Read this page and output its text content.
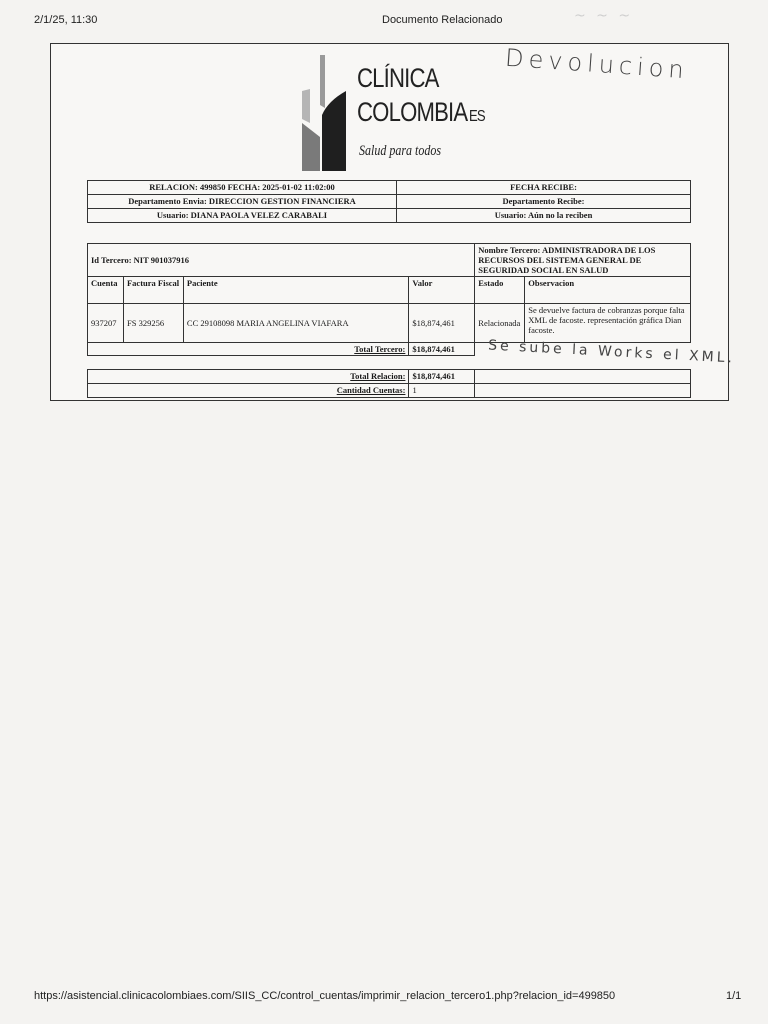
2/1/25, 11:30	Documento Relacionado	~ ~ ~
CLÍNICA
COLOMBIA ES
Salud para todos
Devolucion
RELACION: 499850 FECHA: 2025-01-02 11:02:00	FECHA RECIBE:
Departamento Envia: DIRECCION GESTION FINANCIERA	Departamento Recibe:
Usuario: DIANA PAOLA VELEZ CARABALI	Usuario: Aún no la reciben
Id Tercero: NIT 901037916				Nombre Tercero: ADMINISTRADORA DE LOS RECURSOS DEL SISTEMA GENERAL DE SEGURIDAD SOCIAL EN SALUD	
Cuenta	Factura Fiscal	Paciente	Valor	Estado	Observacion
937207	FS 329256	CC 29108098 MARIA ANGELINA VIAFARA	$18,874,461	Relacionada	Se devuelve factura de cobranzas porque falta XML de facoste. representación gráfica Dian facoste.
Total Tercero:			$18,874,461		Se sube la Works el XML.
Total Relacion:	$18,874,461	
Cantidad Cuentas:	1	
https://asistencial.clinicacolombiaes.com/SIIS_CC/control_cuentas/imprimir_relacion_tercero1.php?relacion_id=499850	1/1
